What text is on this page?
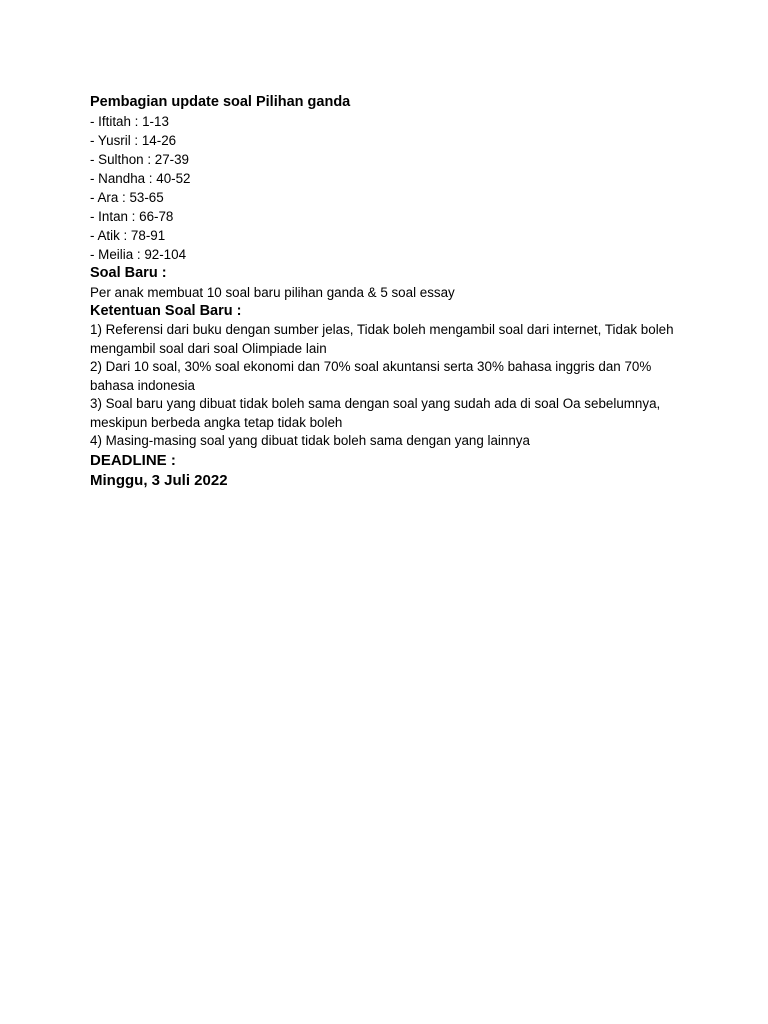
Pembagian update soal Pilihan ganda

- Iftitah : 1-13
- Yusril : 14-26
- Sulthon : 27-39
- Nandha : 40-52
- Ara : 53-65
- Intan : 66-78
- Atik : 78-91
- Meilia : 92-104

Soal Baru :

Per anak membuat 10 soal baru pilihan ganda & 5 soal essay

Ketentuan Soal Baru :

1) Referensi dari buku dengan sumber jelas, Tidak boleh mengambil soal dari internet, Tidak boleh mengambil soal dari soal Olimpiade lain

2) Dari 10 soal, 30% soal ekonomi dan 70% soal akuntansi serta 30% bahasa inggris dan 70% bahasa indonesia

3) Soal baru yang dibuat tidak boleh sama dengan soal yang sudah ada di soal Oa sebelumnya, meskipun berbeda angka tetap tidak boleh

4) Masing-masing soal yang dibuat tidak boleh sama dengan yang lainnya

DEADLINE :

Minggu, 3 Juli 2022
